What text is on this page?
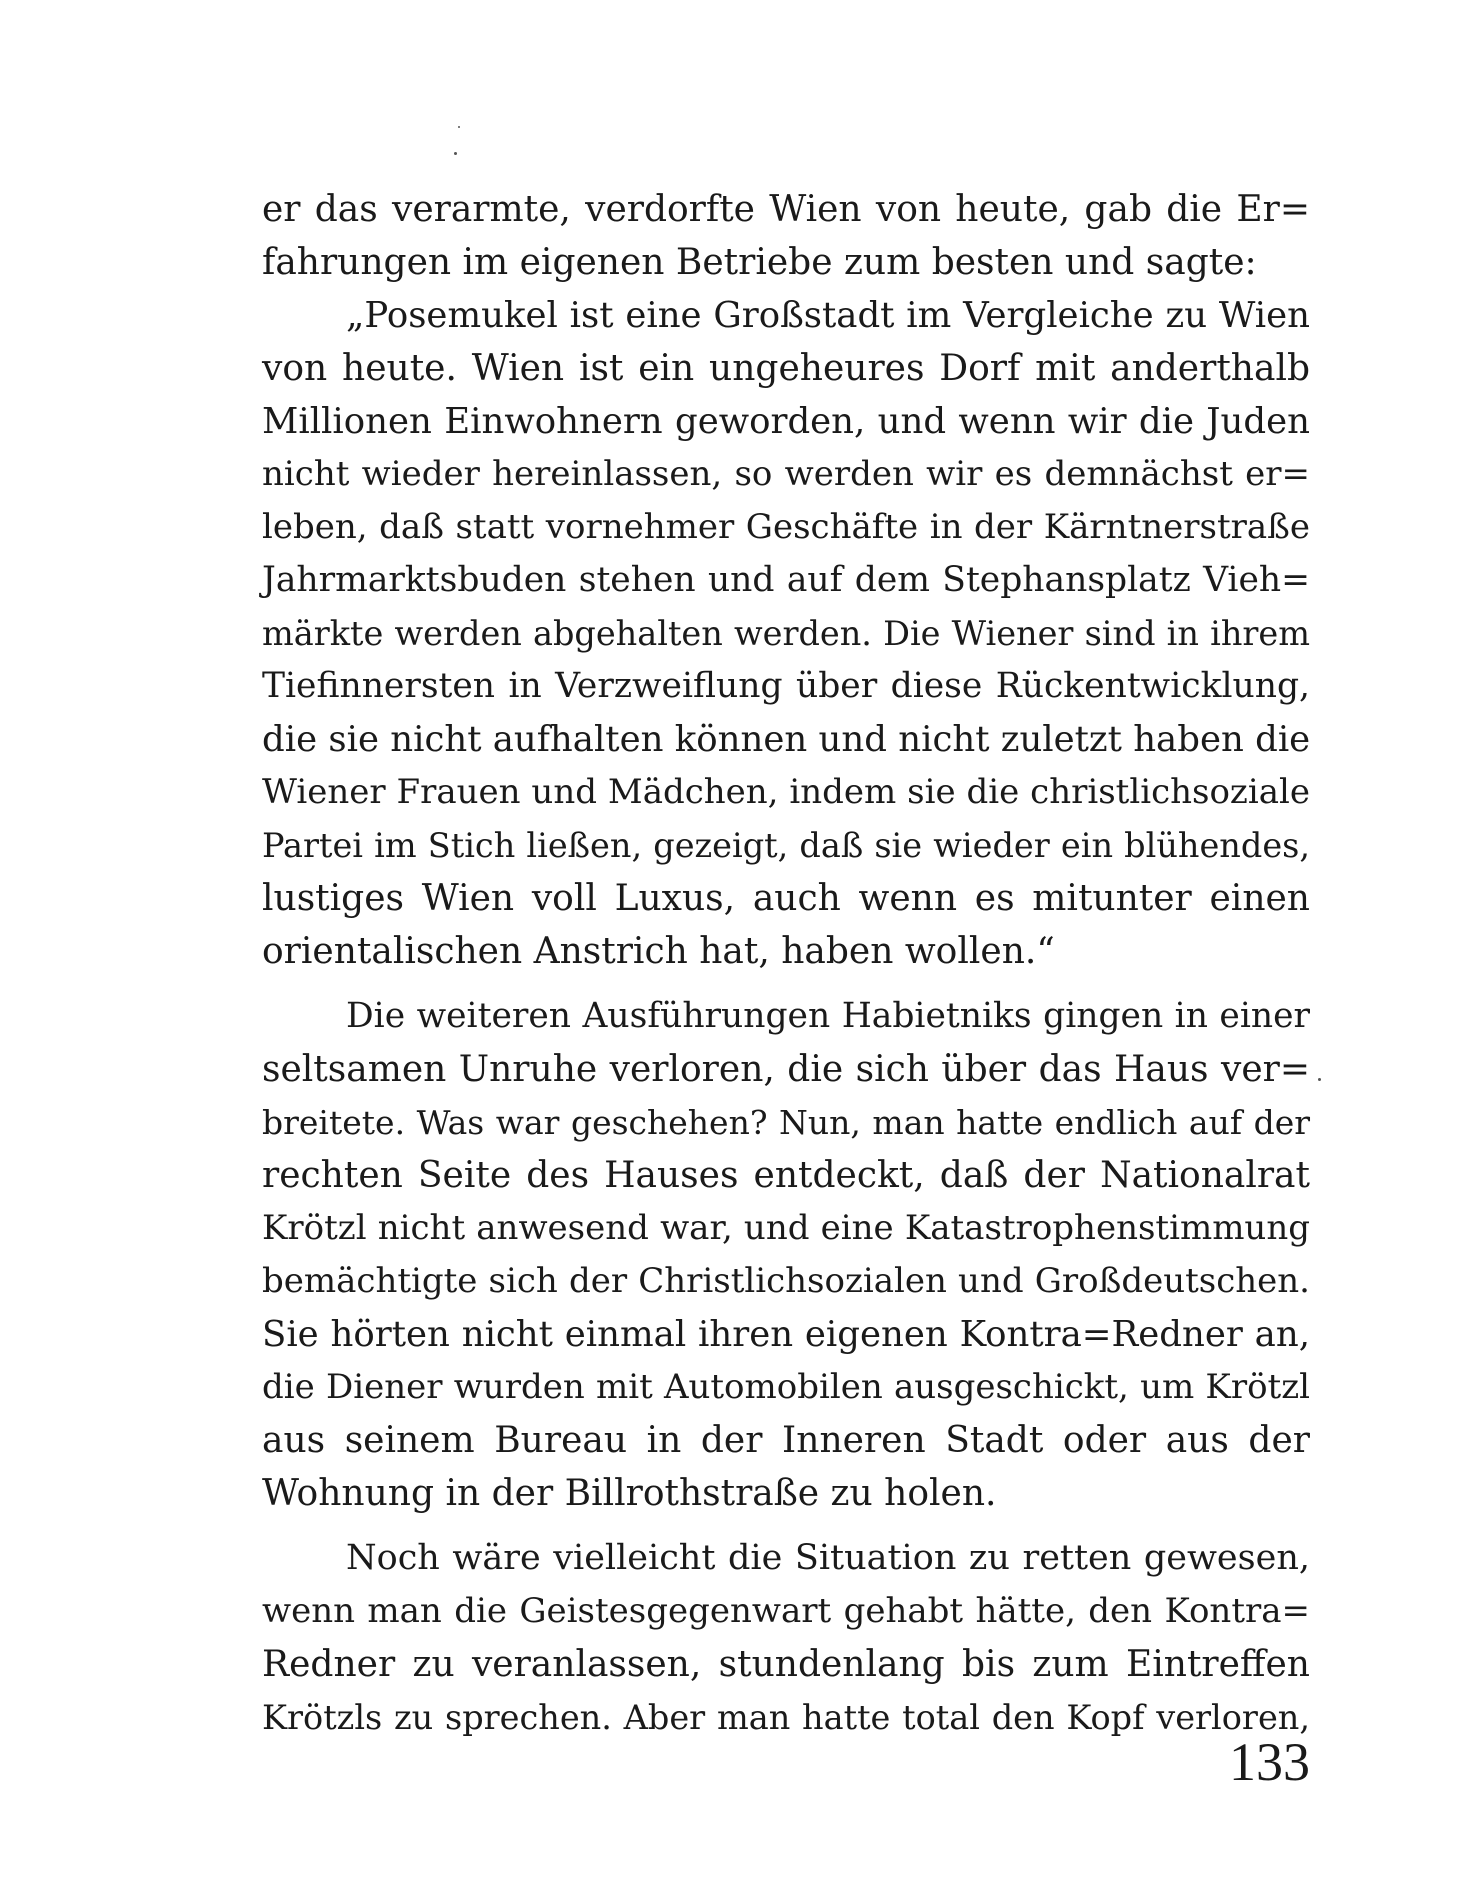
er das verarmte, verdorfte Wien von heute, gab die Er=
fahrungen im eigenen Betriebe zum besten und sagte:
„Posemukel ist eine Großstadt im Vergleiche zu Wien
von heute. Wien ist ein ungeheures Dorf mit anderthalb
Millionen Einwohnern geworden, und wenn wir die Juden
nicht wieder hereinlassen, so werden wir es demnächst er=
leben, daß statt vornehmer Geschäfte in der Kärntnerstraße
Jahrmarktsbuden stehen und auf dem Stephansplatz Vieh=
märkte werden abgehalten werden. Die Wiener sind in ihrem
Tiefinnersten in Verzweiflung über diese Rückentwicklung,
die sie nicht aufhalten können und nicht zuletzt haben die
Wiener Frauen und Mädchen, indem sie die christlichsoziale
Partei im Stich ließen, gezeigt, daß sie wieder ein blühendes,
lustiges Wien voll Luxus, auch wenn es mitunter einen
orientalischen Anstrich hat, haben wollen.“
Die weiteren Ausführungen Habietniks gingen in einer
seltsamen Unruhe verloren, die sich über das Haus ver=
breitete. Was war geschehen? Nun, man hatte endlich auf der
rechten Seite des Hauses entdeckt, daß der Nationalrat
Krötzl nicht anwesend war, und eine Katastrophenstimmung
bemächtigte sich der Christlichsozialen und Großdeutschen.
Sie hörten nicht einmal ihren eigenen Kontra=Redner an,
die Diener wurden mit Automobilen ausgeschickt, um Krötzl
aus seinem Bureau in der Inneren Stadt oder aus der
Wohnung in der Billrothstraße zu holen.
Noch wäre vielleicht die Situation zu retten gewesen,
wenn man die Geistesgegenwart gehabt hätte, den Kontra=
Redner zu veranlassen, stundenlang bis zum Eintreffen
Krötzls zu sprechen. Aber man hatte total den Kopf verloren,
133
